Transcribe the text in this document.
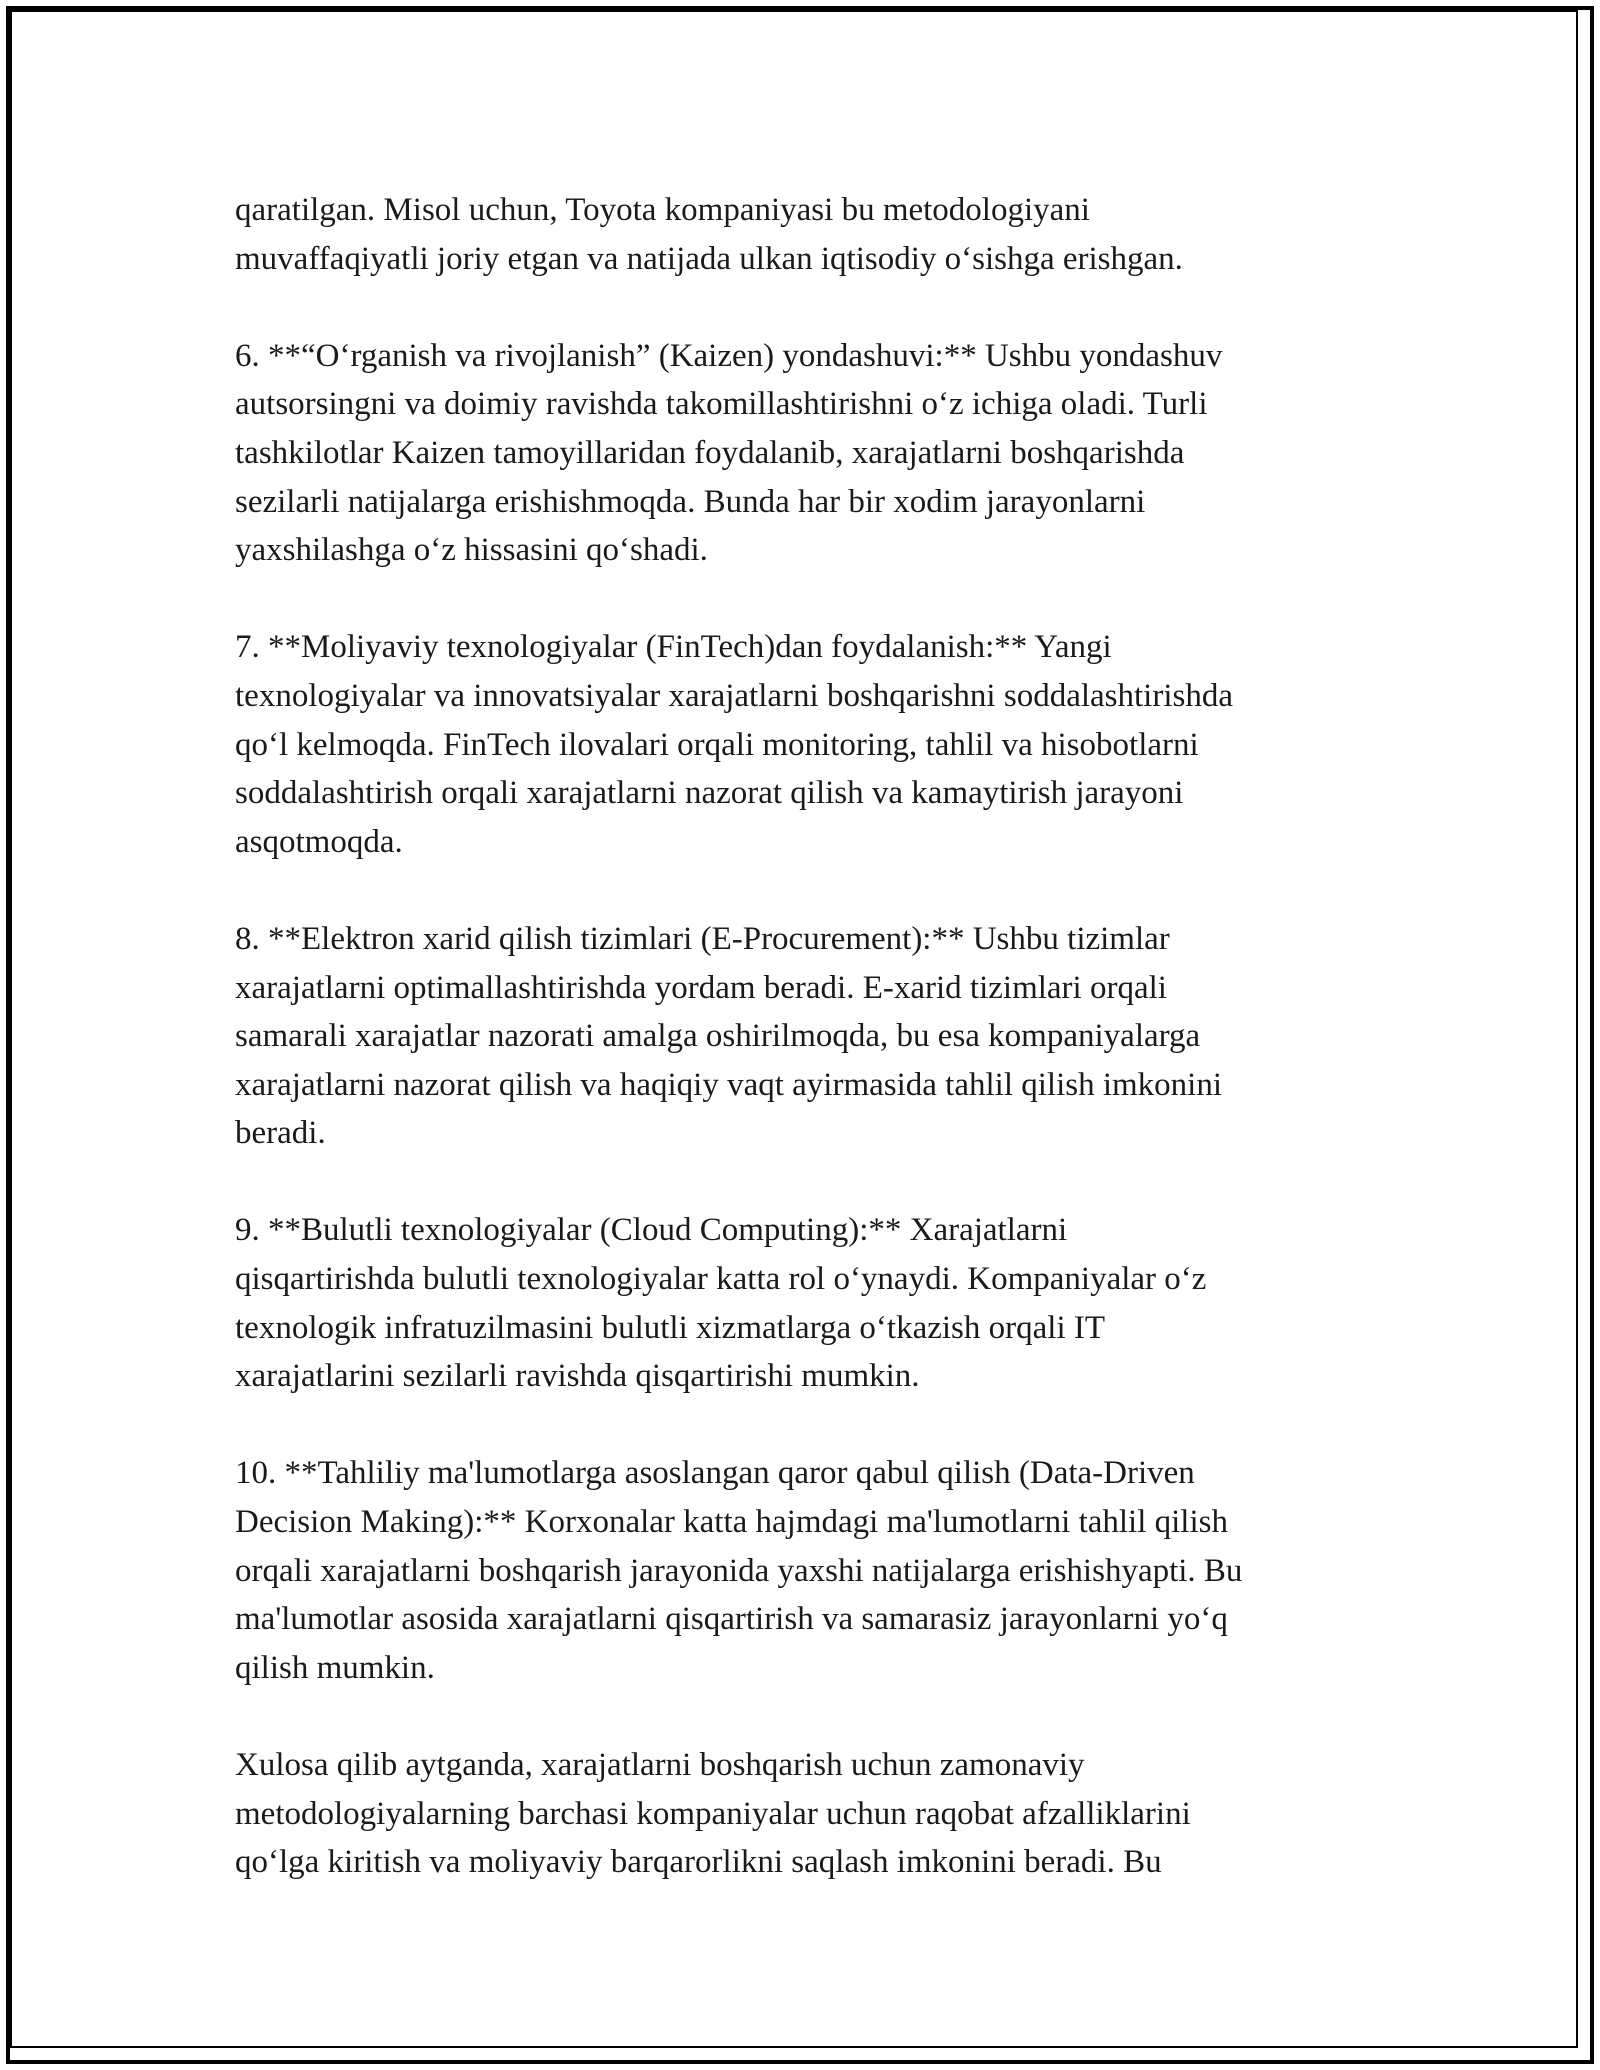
qaratilgan. Misol uchun, Toyota kompaniyasi bu metodologiyani
muvaffaqiyatli joriy etgan va natijada ulkan iqtisodiy o‘sishga erishgan.

6. **“O‘rganish va rivojlanish” (Kaizen) yondashuvi:** Ushbu yondashuv
autsorsingni va doimiy ravishda takomillashtirishni o‘z ichiga oladi. Turli
tashkilotlar Kaizen tamoyillaridan foydalanib, xarajatlarni boshqarishda
sezilarli natijalarga erishishmoqda. Bunda har bir xodim jarayonlarni
yaxshilashga o‘z hissasini qo‘shadi.

7. **Moliyaviy texnologiyalar (FinTech)dan foydalanish:** Yangi
texnologiyalar va innovatsiyalar xarajatlarni boshqarishni soddalashtirishda
qo‘l kelmoqda. FinTech ilovalari orqali monitoring, tahlil va hisobotlarni
soddalashtirish orqali xarajatlarni nazorat qilish va kamaytirish jarayoni
asqotmoqda.

8. **Elektron xarid qilish tizimlari (E-Procurement):** Ushbu tizimlar
xarajatlarni optimallashtirishda yordam beradi. E-xarid tizimlari orqali
samarali xarajatlar nazorati amalga oshirilmoqda, bu esa kompaniyalarga
xarajatlarni nazorat qilish va haqiqiy vaqt ayirmasida tahlil qilish imkonini
beradi.

9. **Bulutli texnologiyalar (Cloud Computing):** Xarajatlarni
qisqartirishda bulutli texnologiyalar katta rol o‘ynaydi. Kompaniyalar o‘z
texnologik infratuzilmasini bulutli xizmatlarga o‘tkazish orqali IT
xarajatlarini sezilarli ravishda qisqartirishi mumkin.

10. **Tahliliy ma'lumotlarga asoslangan qaror qabul qilish (Data-Driven
Decision Making):** Korxonalar katta hajmdagi ma'lumotlarni tahlil qilish
orqali xarajatlarni boshqarish jarayonida yaxshi natijalarga erishishyapti. Bu
ma'lumotlar asosida xarajatlarni qisqartirish va samarasiz jarayonlarni yo‘q
qilish mumkin.

Xulosa qilib aytganda, xarajatlarni boshqarish uchun zamonaviy
metodologiyalarning barchasi kompaniyalar uchun raqobat afzalliklarini
qo‘lga kiritish va moliyaviy barqarorlikni saqlash imkonini beradi. Bu
